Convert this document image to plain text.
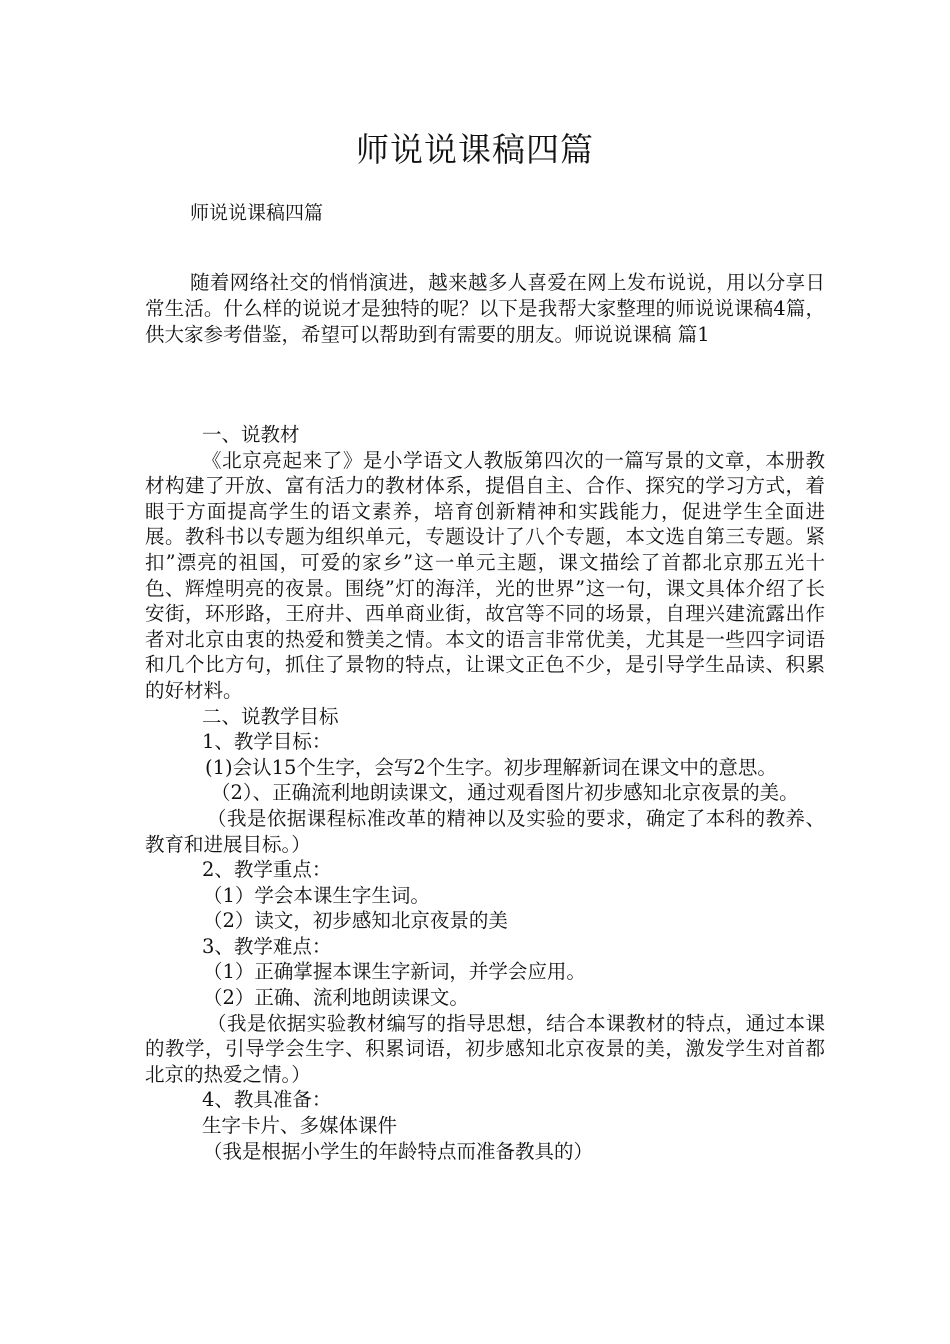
师说说课稿四篇
师说说课稿四篇

随着网络社交的悄悄演进，越来越多人喜爱在网上发布说说，用以分享日常生活。什么样的说说才是独特的呢？以下是我帮大家整理的师说说课稿4篇，供大家参考借鉴，希望可以帮助到有需要的朋友。师说说课稿 篇1

一、说教材

《北京亮起来了》是小学语文人教版第四次的一篇写景的文章，本册教材构建了开放、富有活力的教材体系，提倡自主、合作、探究的学习方式，着眼于方面提高学生的语文素养，培育创新精神和实践能力，促进学生全面进展。教科书以专题为组织单元，专题设计了八个专题，本文选自第三专题。紧扣”漂亮的祖国，可爱的家乡”这一单元主题，课文描绘了首都北京那五光十色、辉煌明亮的夜景。围绕”灯的海洋，光的世界”这一句，课文具体介绍了长安街，环形路，王府井、西单商业街，故宫等不同的场景，自理兴建流露出作者对北京由衷的热爱和赞美之情。本文的语言非常优美，尤其是一些四字词语和几个比方句，抓住了景物的特点，让课文正色不少，是引导学生品读、积累的好材料。

二、说教学目标

1、教学目标：

(1)会认15个生字，会写2个生字。初步理解新词在课文中的意思。

（2）、正确流利地朗读课文，通过观看图片初步感知北京夜景的美。

（我是依据课程标准改革的精神以及实验的要求，确定了本科的教养、教育和进展目标。）

2、教学重点：

（1）学会本课生字生词。

（2）读文，初步感知北京夜景的美

3、教学难点：

（1）正确掌握本课生字新词，并学会应用。

（2）正确、流利地朗读课文。

（我是依据实验教材编写的指导思想，结合本课教材的特点，通过本课的教学，引导学会生字、积累词语，初步感知北京夜景的美，激发学生对首都北京的热爱之情。）

4、教具准备：

生字卡片、多媒体课件

（我是根据小学生的年龄特点而准备教具的）
